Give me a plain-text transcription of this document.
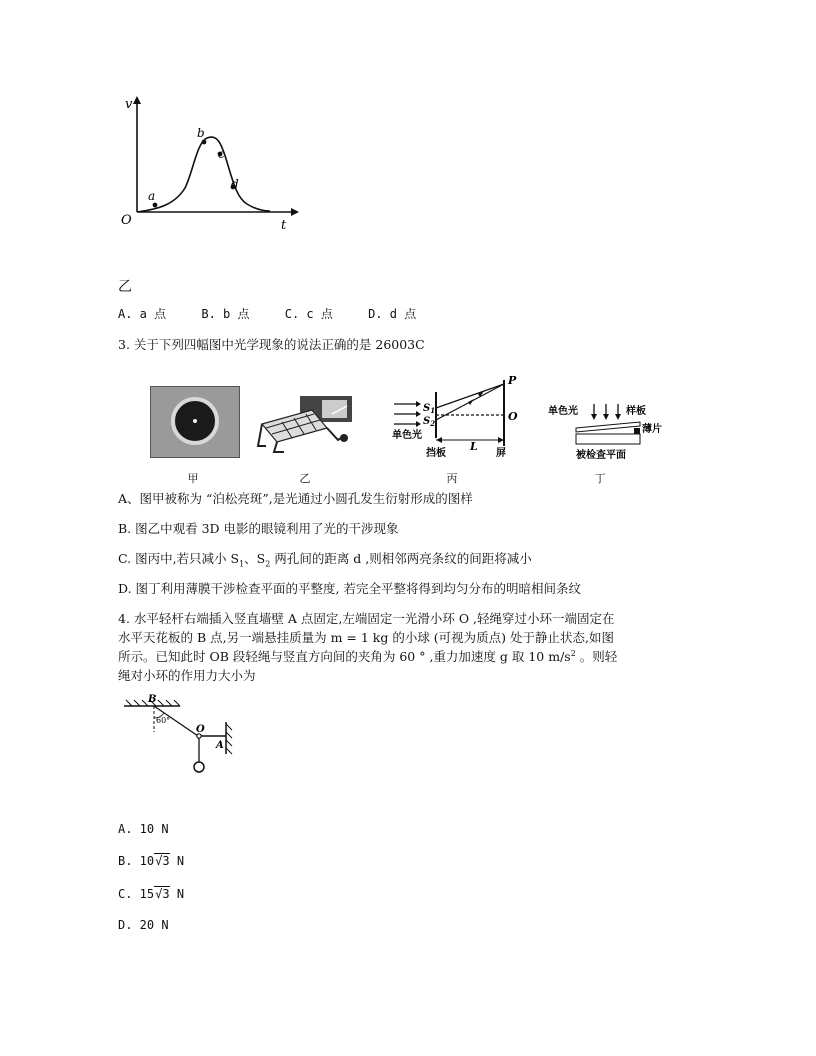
v
t
O
a
b
c
d
乙
A. a 点	B. b 点	C. c 点	D. d 点
3. 关于下列四幅图中光学现象的说法正确的是 26003C
P
O
$S_1$
$S_2$
单色光
L
挡板	屏
单色光	样板
薄片
被检查平面
甲	乙	丙	丁
A、图甲被称为 “泊松亮斑”,是光通过小圆孔发生衍射形成的图样
B. 图乙中观看 3D 电影的眼镜利用了光的干涉现象
C. 图丙中,若只减小 $S_1$、$S_2$ 两孔间的距离 d ,则相邻两亮条纹的间距将减小
D. 图丁利用薄膜干涉检查平面的平整度, 若完全平整将得到均匀分布的明暗相间条纹
4. 水平轻杆右端插入竖直墙壁 A 点固定,左端固定一光滑小环 O ,轻绳穿过小环一端固定在
水平天花板的 B 点,另一端悬挂质量为 m = 1 kg 的小球 (可视为质点) 处于静止状态,如图
所示。已知此时 OB 段轻绳与竖直方向间的夹角为 60 ° ,重力加速度 g 取 10 $m/s^2$ 。则轻
绳对小环的作用力大小为
B
60°
O
A
A. 10 N
B. 10√3 N
C. 15√3 N
D. 20 N
